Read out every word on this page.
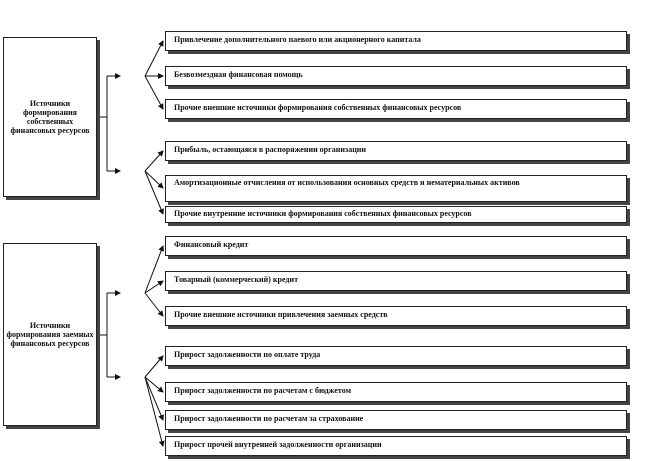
Источники формирования собственных финансовых ресурсов
Источники формирования заемных финансовых ресурсов
Привлечение дополнительного паевого или акционерного капитала
Безвозмездная финансовая помощь
Прочие внешние источники формирования собственных финансовых ресурсов
Прибыль, остающаяся в распоряжении организации
Амортизационные отчисления от использования основных средств и нематериальных активов
Прочие внутренние источники формирования собственных финансовых ресурсов
Финансовый кредит
Товарный (коммерческий) кредит
Прочие внешние источники привлечения заемных средств
Прирост задолженности по оплате труда
Прирост задолженности по расчетам с бюджетом
Прирост задолженности по расчетам за страхование
Прирост прочей внутренней задолженности организации
